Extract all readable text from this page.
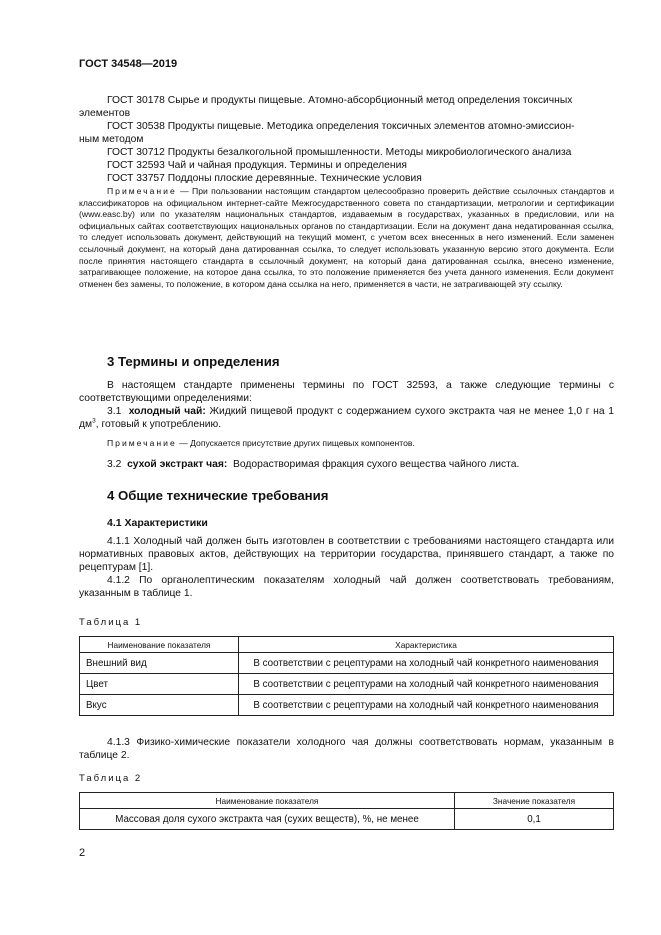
ГОСТ 34548—2019

ГОСТ 30178 Сырье и продукты пищевые. Атомно-абсорбционный метод определения токсичных

элементов

ГОСТ 30538 Продукты пищевые. Методика определения токсичных элементов атомно-эмиссион-

ным методом

ГОСТ 30712 Продукты безалкогольной промышленности. Методы микробиологического анализа

ГОСТ 32593 Чай и чайная продукция. Термины и определения

ГОСТ 33757 Поддоны плоские деревянные. Технические условия

Примечание — При пользовании настоящим стандартом целесообразно проверить действие ссылочных стандартов и классификаторов на официальном интернет-сайте Межгосударственного совета по стандартизации, метрологии и сертификации (www.easc.by) или по указателям национальных стандартов, издаваемым в государствах, указанных в предисловии, или на официальных сайтах соответствующих национальных органов по стандартизации. Если на документ дана недатированная ссылка, то следует использовать документ, действующий на текущий момент, с учетом всех внесенных в него изменений. Если заменен ссылочный документ, на который дана датированная ссылка, то следует использовать указанную версию этого документа. Если после принятия настоящего стандарта в ссылочный документ, на который дана датированная ссылка, внесено изменение, затрагивающее положение, на которое дана ссылка, то это положение применяется без учета данного изменения. Если документ отменен без замены, то положение, в котором дана ссылка на него, применяется в части, не затрагивающей эту ссылку.

3 Термины и определения

В настоящем стандарте применены термины по ГОСТ 32593, а также следующие термины с соответствующими определениями:

3.1 холодный чай: Жидкий пищевой продукт с содержанием сухого экстракта чая не менее 1,0 г на 1 $дм^3$, готовый к употреблению.

Примечание — Допускается присутствие других пищевых компонентов.

3.2 сухой экстракт чая: Водорастворимая фракция сухого вещества чайного листа.

4 Общие технические требования
4.1 Характеристики

4.1.1 Холодный чай должен быть изготовлен в соответствии с требованиями настоящего стандарта или нормативных правовых актов, действующих на территории государства, принявшего стандарт, а также по рецептурам [1].

4.1.2 По органолептическим показателям холодный чай должен соответствовать требованиям, указанным в таблице 1.

Таблица 1
Наименование показателя	Характеристика
Внешний вид	В соответствии с рецептурами на холодный чай конкретного наименования
Цвет	В соответствии с рецептурами на холодный чай конкретного наименования
Вкус	В соответствии с рецептурами на холодный чай конкретного наименования

4.1.3 Физико-химические показатели холодного чая должны соответствовать нормам, указанным в таблице 2.

Таблица 2
Наименование показателя	Значение показателя
Массовая доля сухого экстракта чая (сухих веществ), %, не менее	0,1
2
